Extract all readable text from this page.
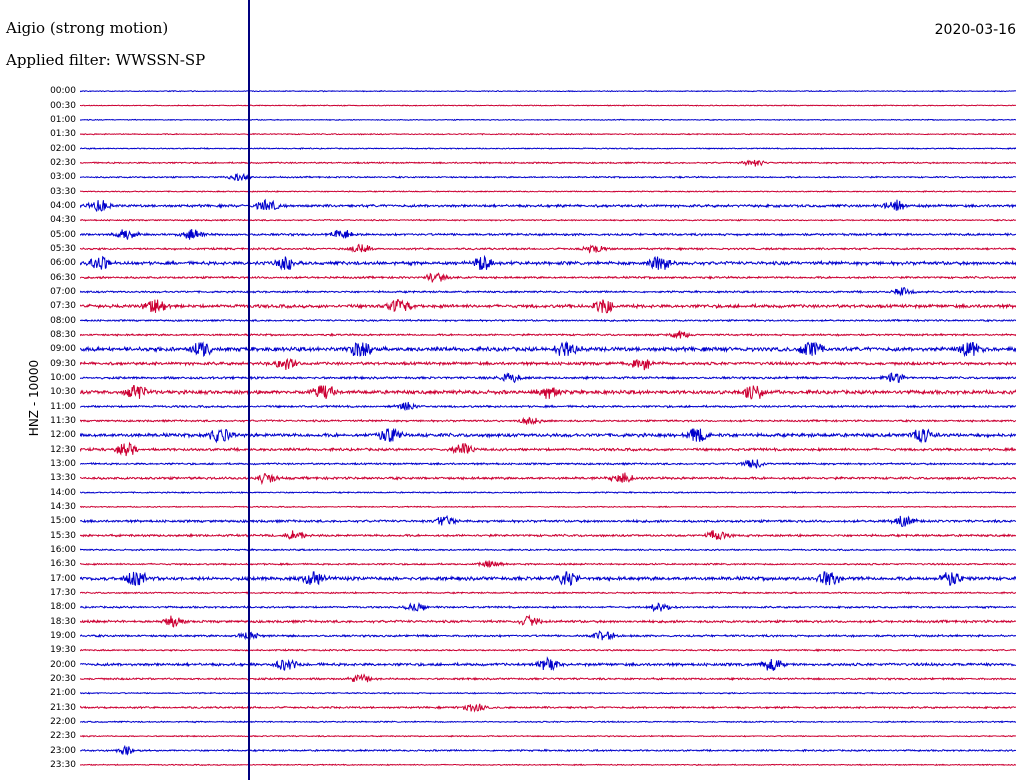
Aigio (strong motion)
Applied filter: WWSSN-SP
2020-03-16
HNZ - 10000
00:00
00:30
01:00
01:30
02:00
02:30
03:00
03:30
04:00
04:30
05:00
05:30
06:00
06:30
07:00
07:30
08:00
08:30
09:00
09:30
10:00
10:30
11:00
11:30
12:00
12:30
13:00
13:30
14:00
14:30
15:00
15:30
16:00
16:30
17:00
17:30
18:00
18:30
19:00
19:30
20:00
20:30
21:00
21:30
22:00
22:30
23:00
23:30
